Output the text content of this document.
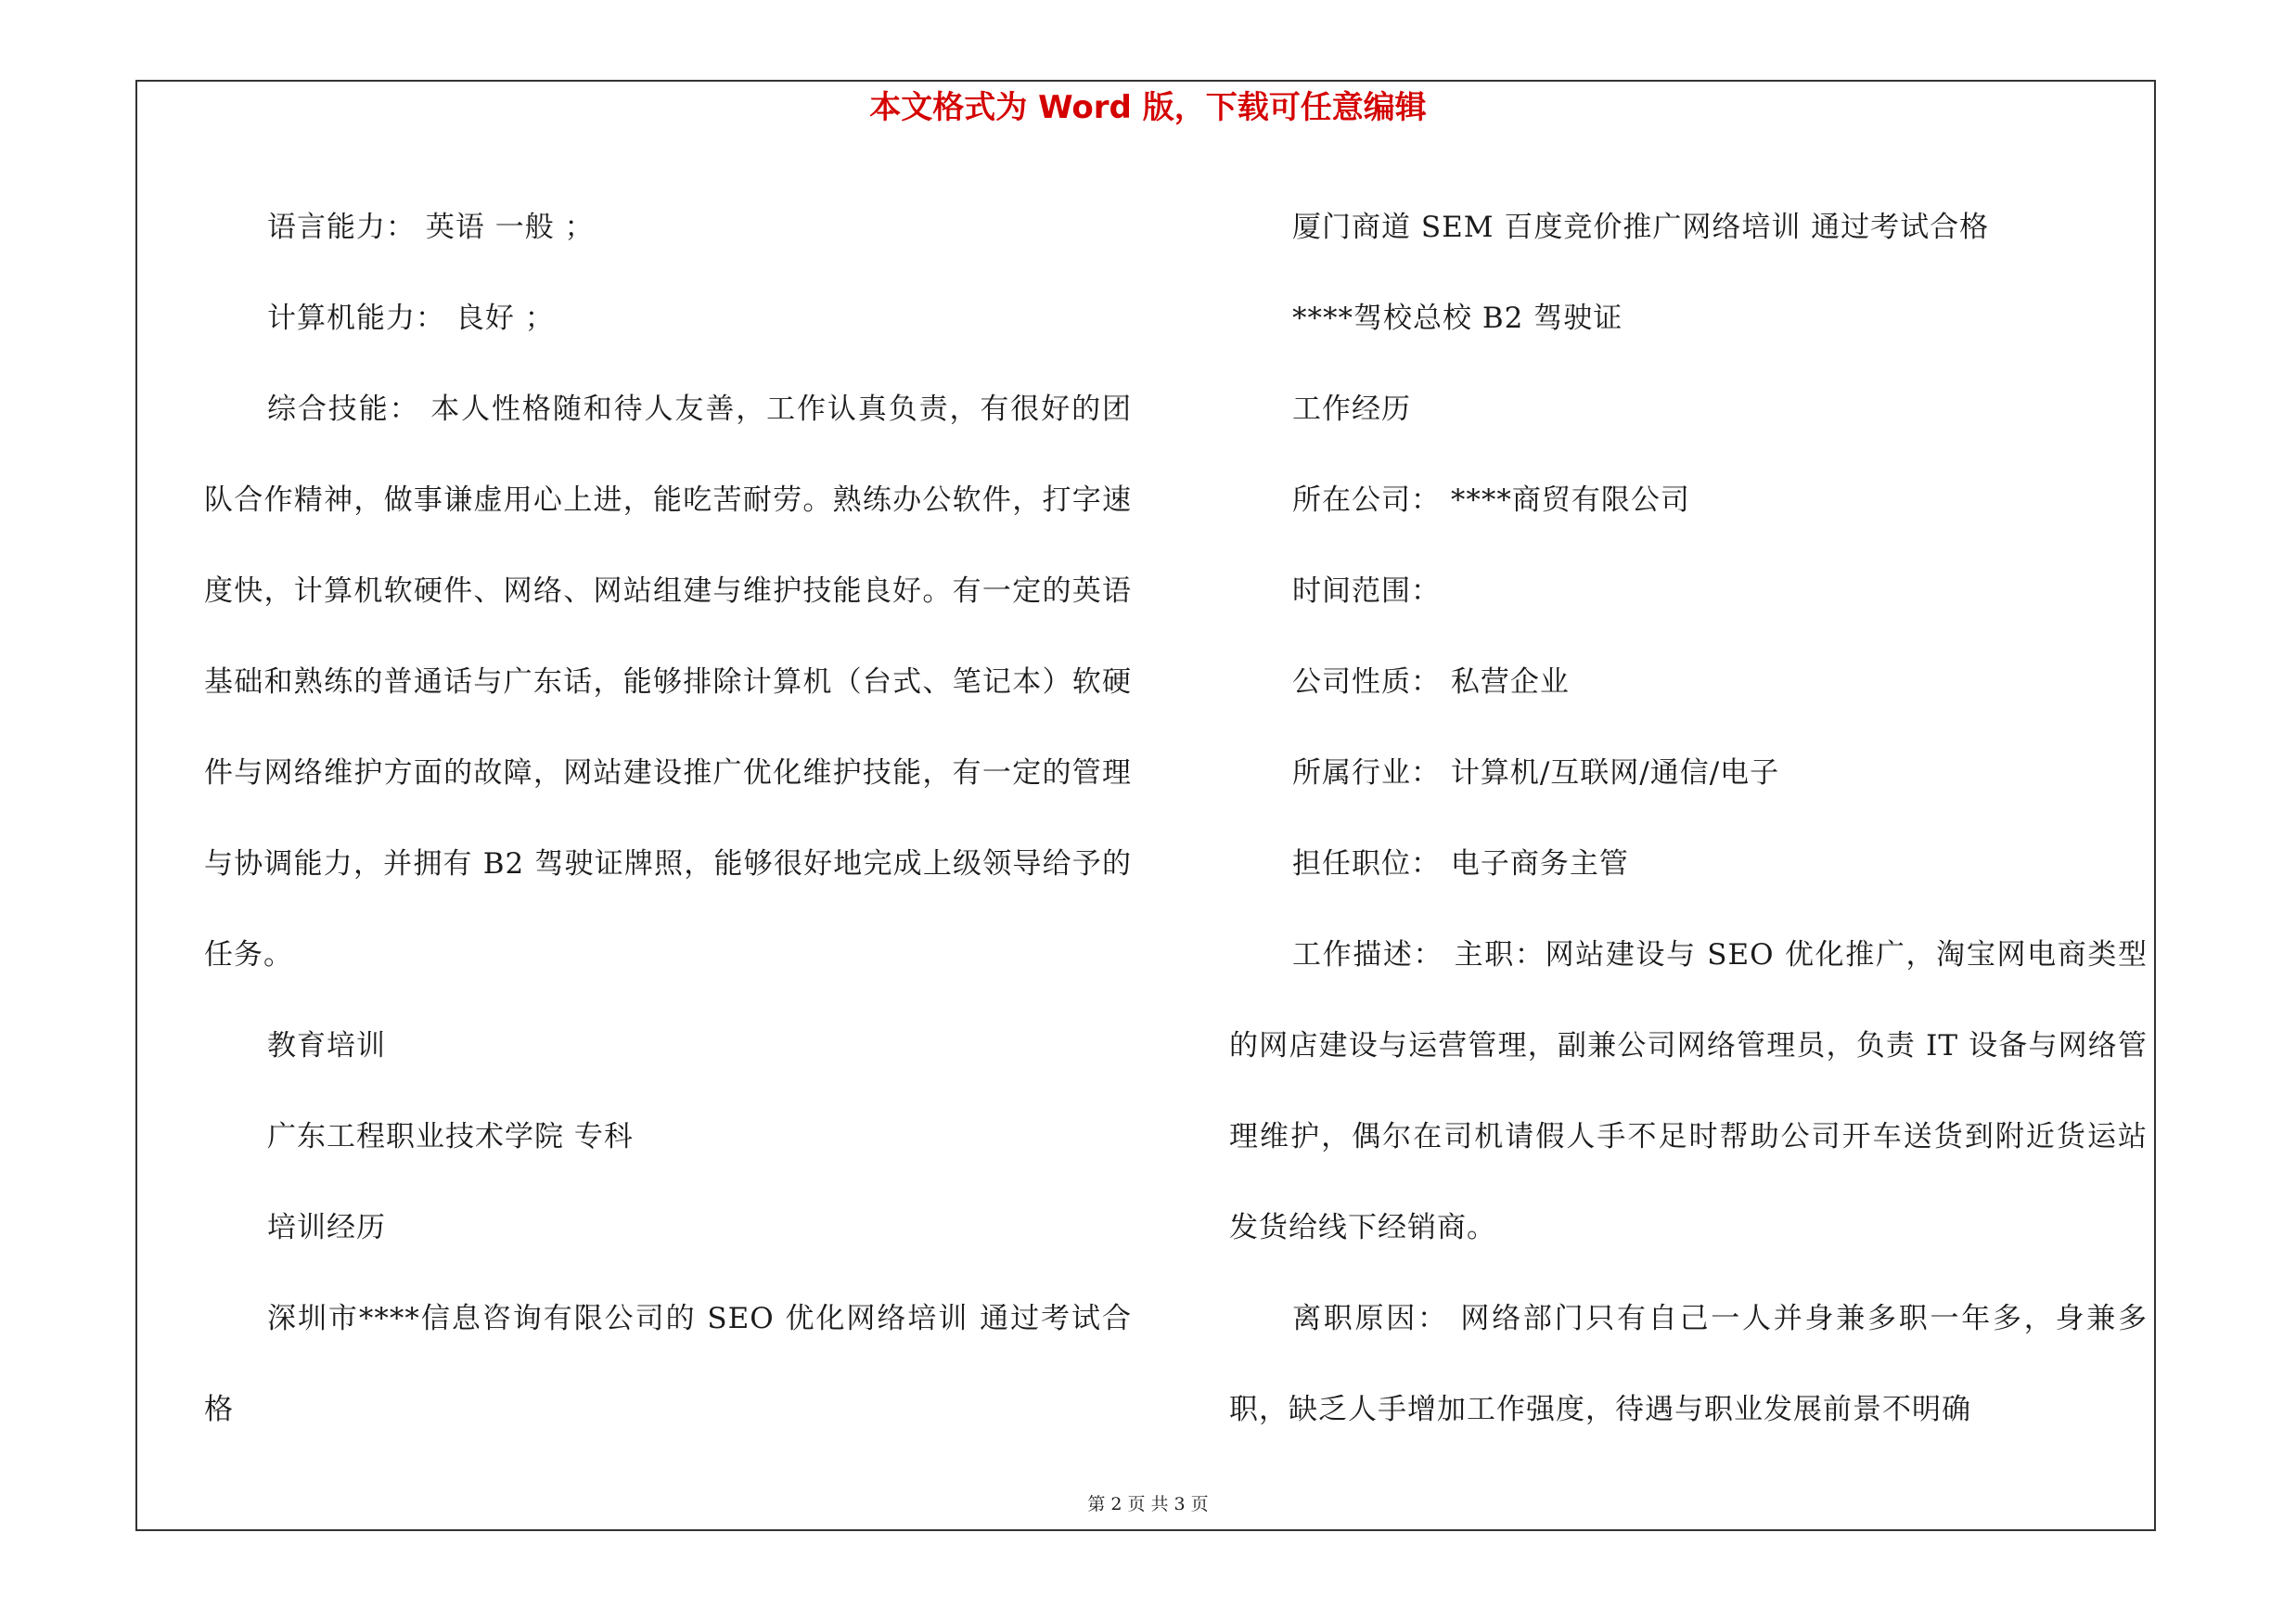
本文格式为 Word 版，下载可任意编辑

语言能力： 英语 一般 ；

计算机能力： 良好 ；

综合技能： 本人性格随和待人友善，工作认真负责，有很好的团队合作精神，做事谦虚用心上进，能吃苦耐劳。熟练办公软件，打字速度快，计算机软硬件、网络、网站组建与维护技能良好。有一定的英语基础和熟练的普通话与广东话，能够排除计算机（台式、笔记本）软硬件与网络维护方面的故障，网站建设推广优化维护技能，有一定的管理与协调能力，并拥有 B2 驾驶证牌照，能够很好地完成上级领导给予的任务。

教育培训

广东工程职业技术学院 专科

培训经历

深圳市****信息咨询有限公司的 SEO 优化网络培训 通过考试合格

厦门商道 SEM 百度竞价推广网络培训 通过考试合格

****驾校总校 B2 驾驶证

工作经历

所在公司： ****商贸有限公司

时间范围：

公司性质： 私营企业

所属行业： 计算机/互联网/通信/电子

担任职位： 电子商务主管

工作描述： 主职：网站建设与 SEO 优化推广，淘宝网电商类型的网店建设与运营管理，副兼公司网络管理员，负责 IT 设备与网络管理维护，偶尔在司机请假人手不足时帮助公司开车送货到附近货运站发货给线下经销商。

离职原因： 网络部门只有自己一人并身兼多职一年多，身兼多职，缺乏人手增加工作强度，待遇与职业发展前景不明确

第 2 页 共 3 页
